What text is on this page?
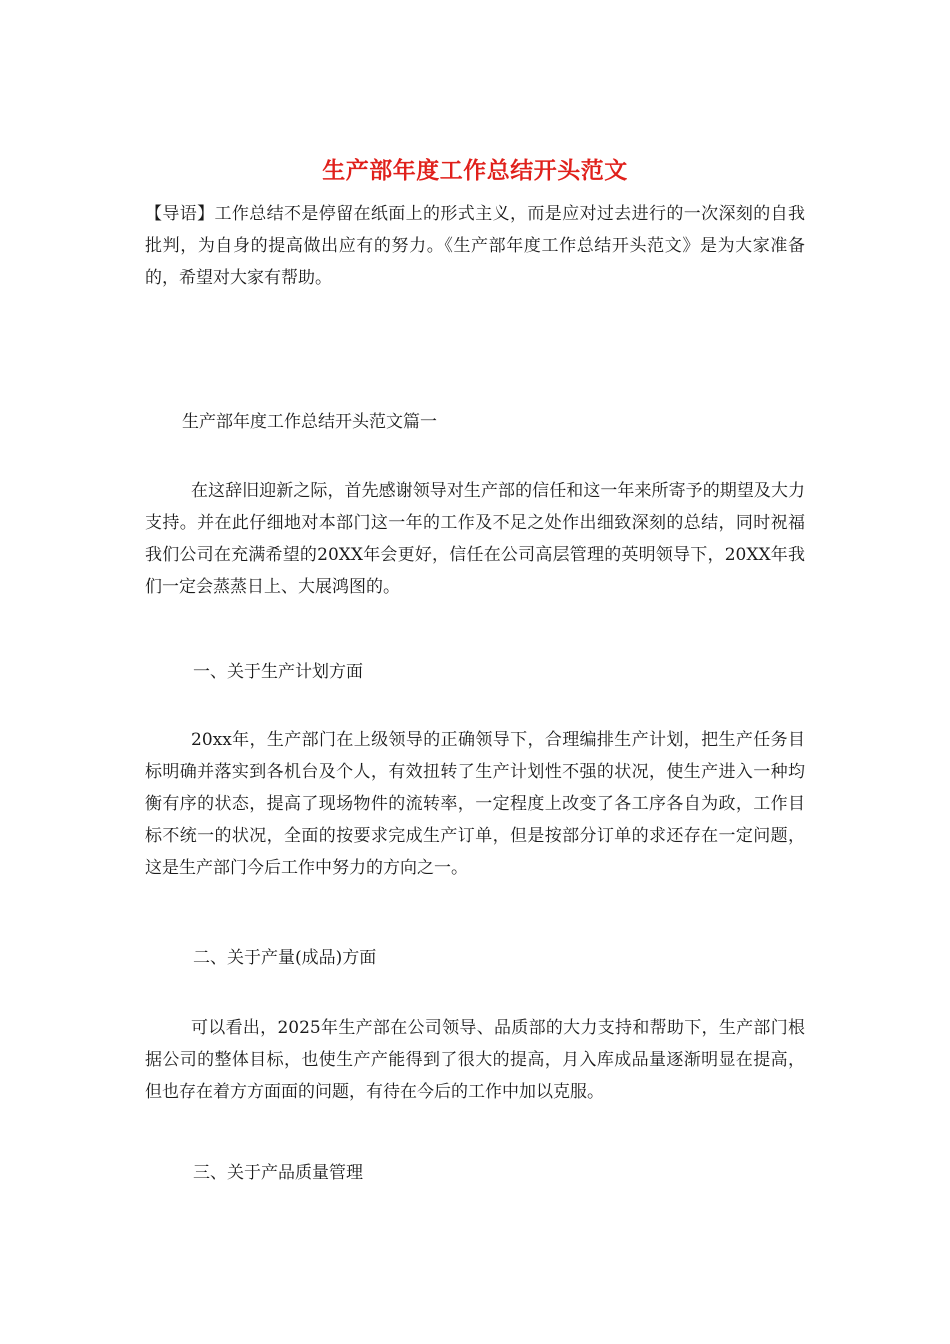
生产部年度工作总结开头范文

【导语】工作总结不是停留在纸面上的形式主义，而是应对过去进行的一次深刻的自我批判，为自身的提高做出应有的努力。《生产部年度工作总结开头范文》是为大家准备的，希望对大家有帮助。

生产部年度工作总结开头范文篇一

在这辞旧迎新之际，首先感谢领导对生产部的信任和这一年来所寄予的期望及大力支持。并在此仔细地对本部门这一年的工作及不足之处作出细致深刻的总结，同时祝福我们公司在充满希望的20XX年会更好，信任在公司高层管理的英明领导下，20XX年我们一定会蒸蒸日上、大展鸿图的。

一、关于生产计划方面

20xx年，生产部门在上级领导的正确领导下，合理编排生产计划，把生产任务目标明确并落实到各机台及个人，有效扭转了生产计划性不强的状况，使生产进入一种均衡有序的状态，提高了现场物件的流转率，一定程度上改变了各工序各自为政，工作目标不统一的状况，全面的按要求完成生产订单，但是按部分订单的求还存在一定问题，这是生产部门今后工作中努力的方向之一。

二、关于产量(成品)方面

可以看出，2025年生产部在公司领导、品质部的大力支持和帮助下，生产部门根据公司的整体目标，也使生产产能得到了很大的提高，月入库成品量逐渐明显在提高，但也存在着方方面面的问题，有待在今后的工作中加以克服。

三、关于产品质量管理
